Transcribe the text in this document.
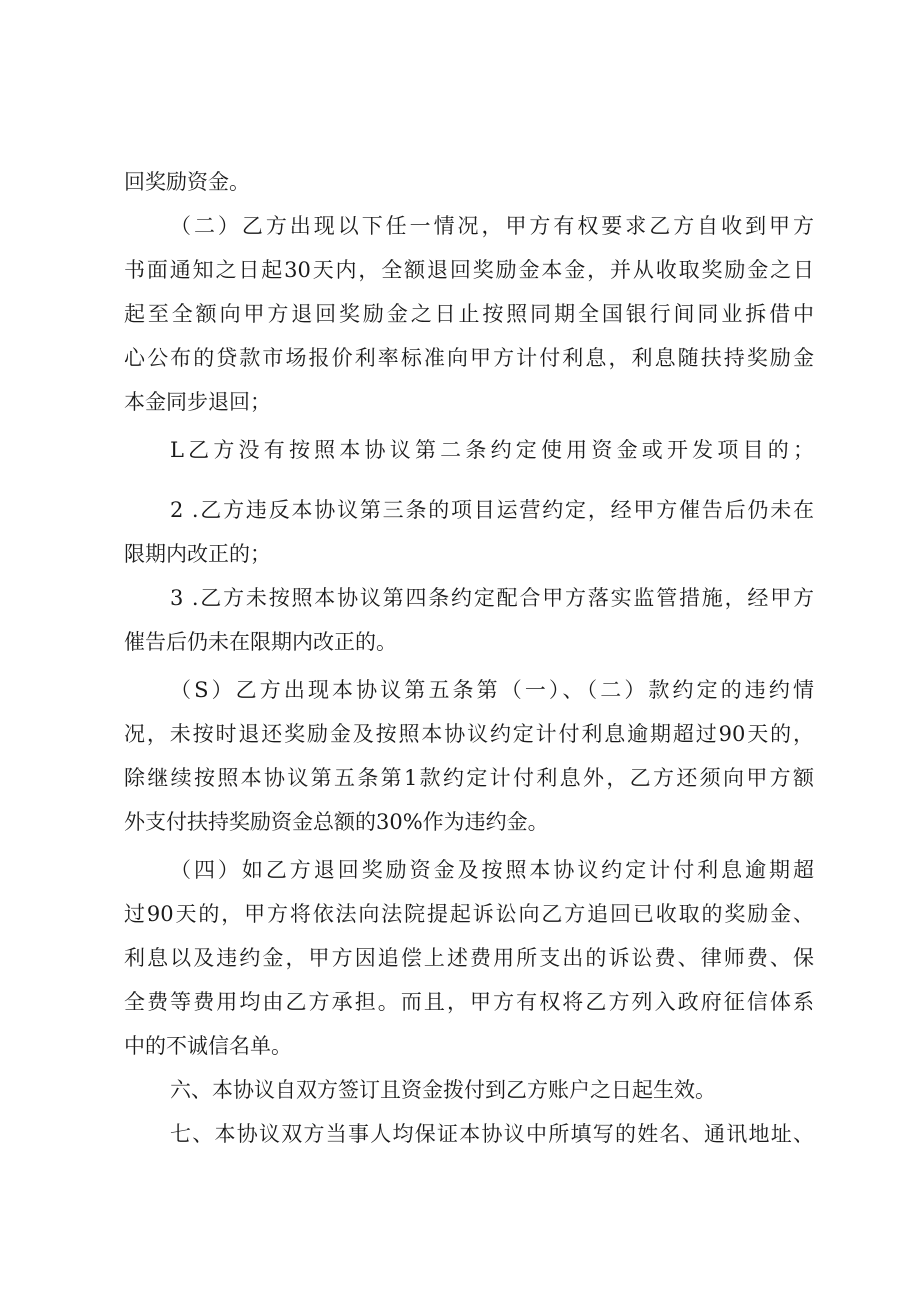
回奖励资金。

（二）乙方出现以下任一情况，甲方有权要求乙方自收到甲方

书面通知之日起30天内，全额退回奖励金本金，并从收取奖励金之日

起至全额向甲方退回奖励金之日止按照同期全国银行间同业拆借中

心公布的贷款市场报价利率标准向甲方计付利息，利息随扶持奖励金

本金同步退回；

L乙方没有按照本协议第二条约定使用资金或开发项目的；

2 .乙方违反本协议第三条的项目运营约定，经甲方催告后仍未在

限期内改正的；

3 .乙方未按照本协议第四条约定配合甲方落实监管措施，经甲方

催告后仍未在限期内改正的。

（S）乙方出现本协议第五条第（一）、（二）款约定的违约情

况，未按时退还奖励金及按照本协议约定计付利息逾期超过90天的，

除继续按照本协议第五条第1款约定计付利息外，乙方还须向甲方额

外支付扶持奖励资金总额的30%作为违约金。

（四）如乙方退回奖励资金及按照本协议约定计付利息逾期超

过90天的，甲方将依法向法院提起诉讼向乙方追回已收取的奖励金、

利息以及违约金，甲方因追偿上述费用所支出的诉讼费、律师费、保

全费等费用均由乙方承担。而且，甲方有权将乙方列入政府征信体系

中的不诚信名单。

六、本协议自双方签订且资金拨付到乙方账户之日起生效。

七、本协议双方当事人均保证本协议中所填写的姓名、通讯地址、
